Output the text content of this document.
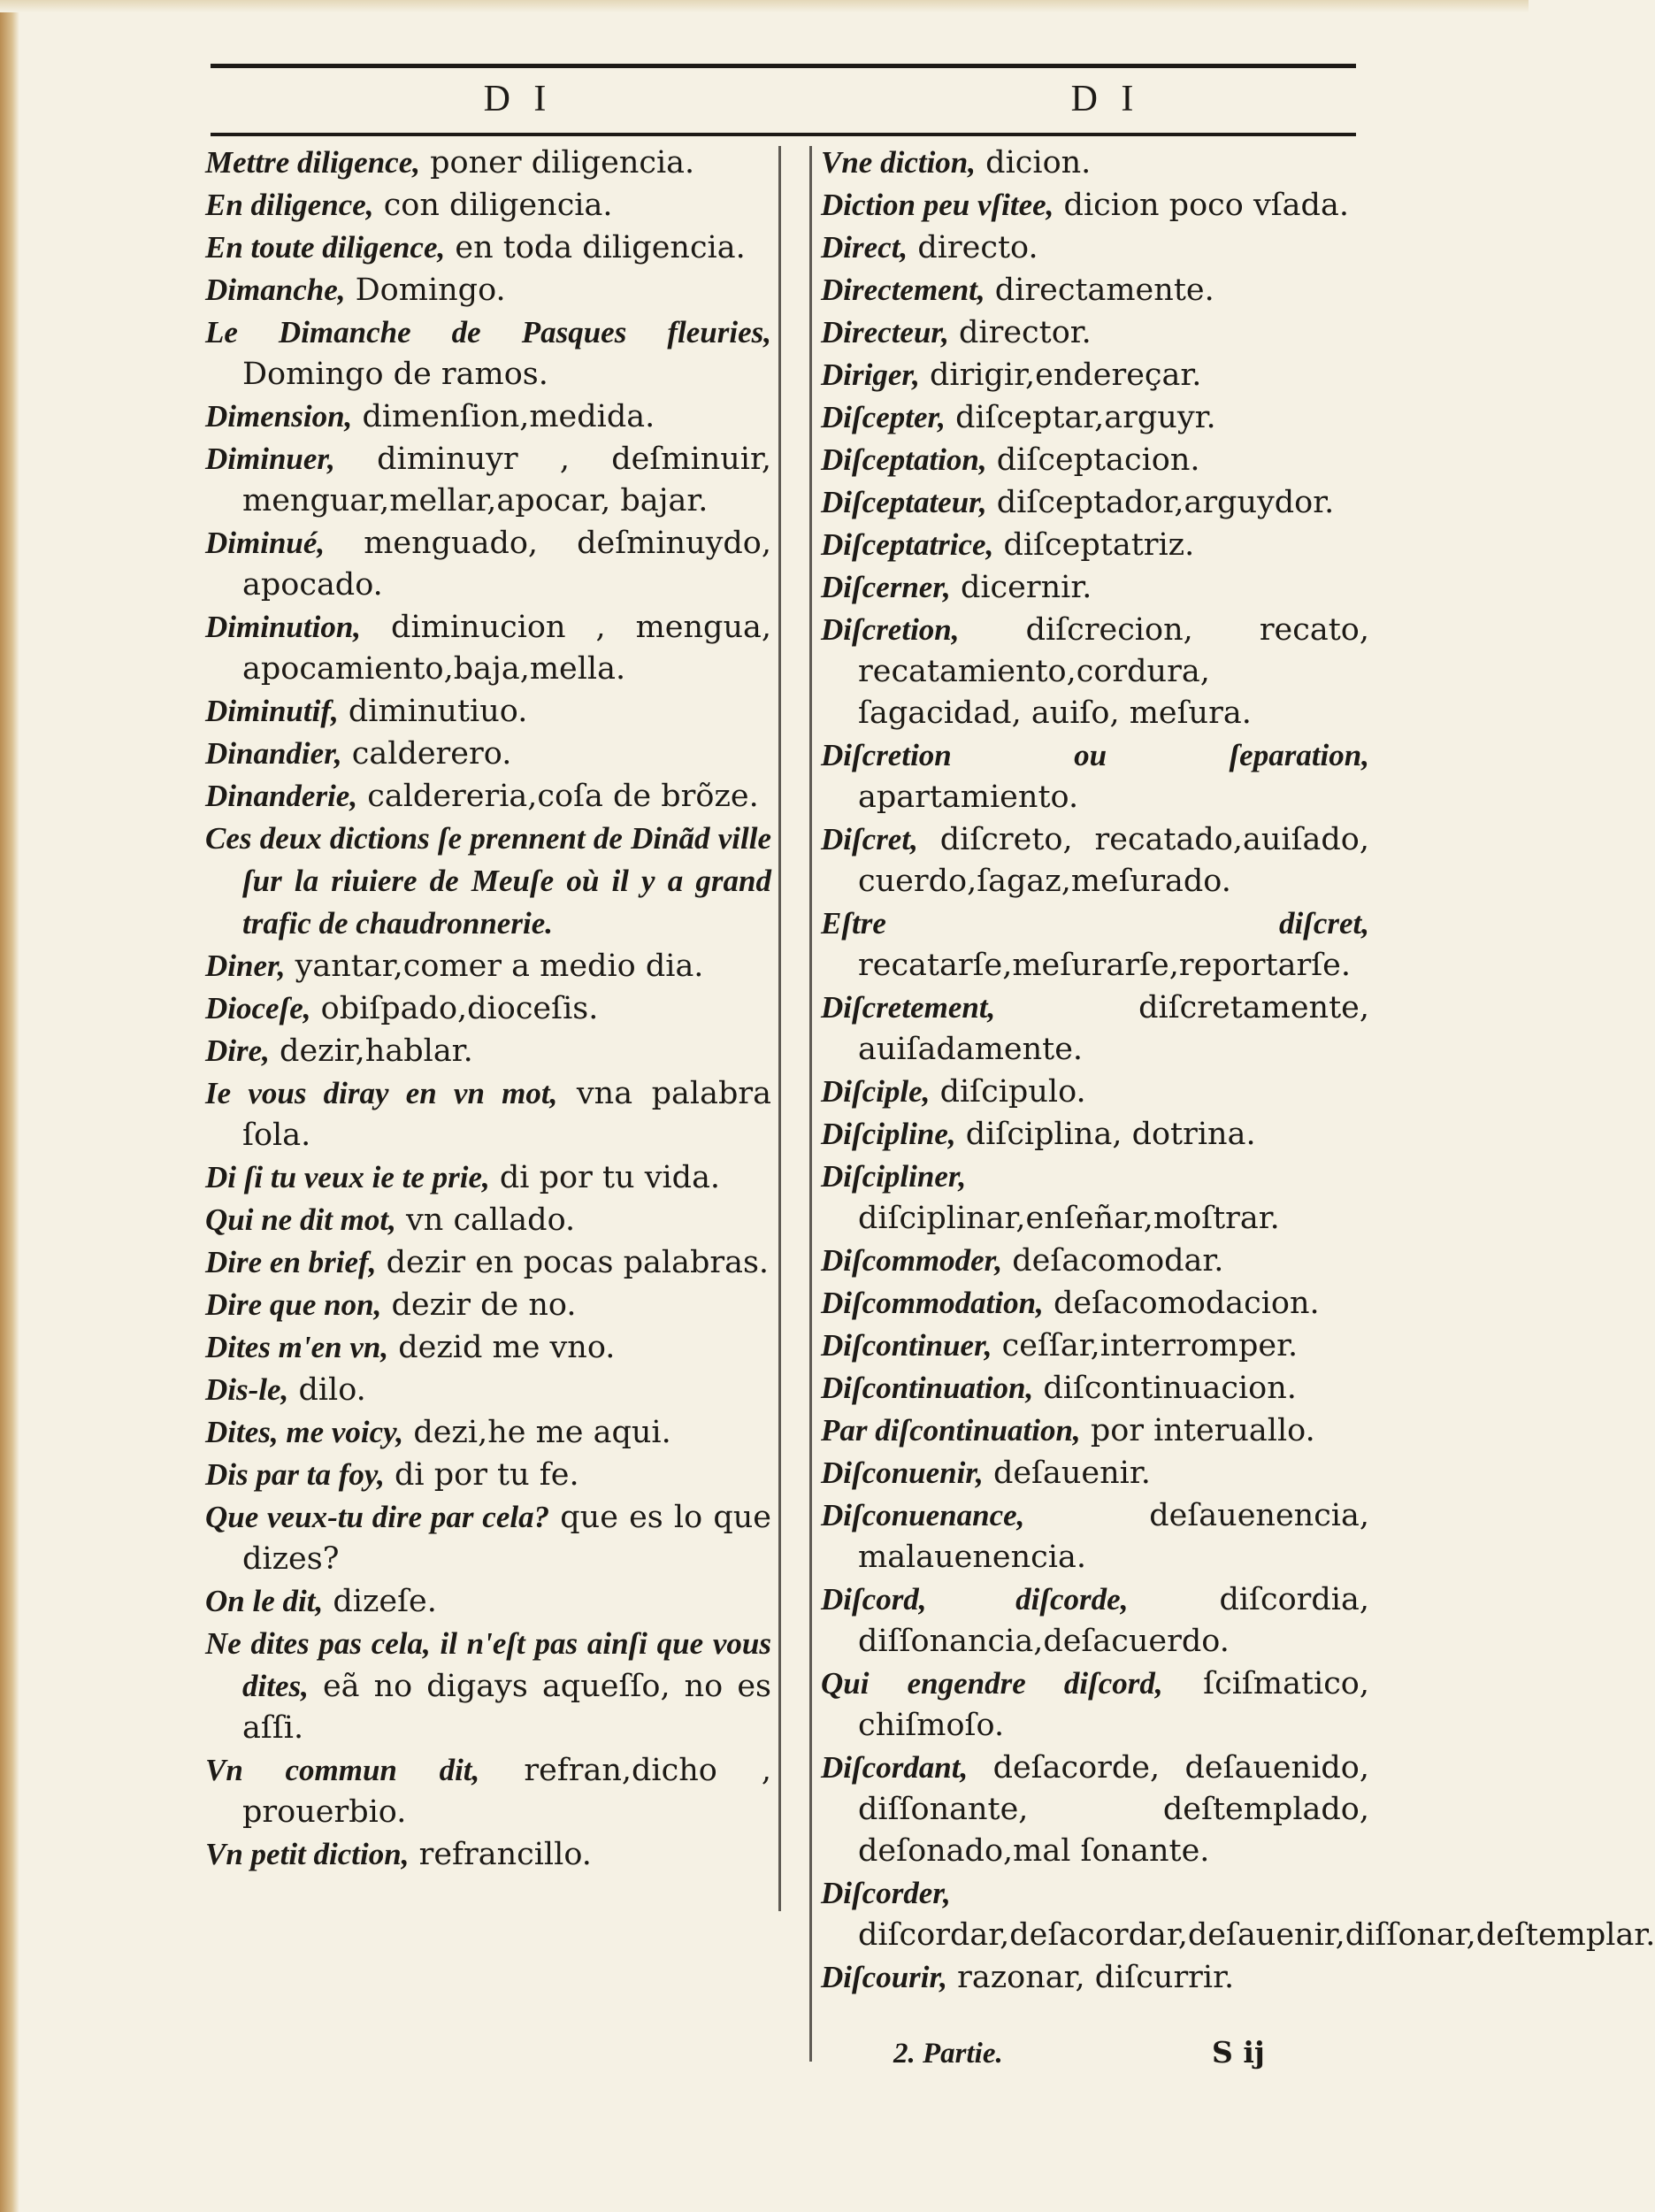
D I	D I

Mettre diligence, poner diligencia.

En diligence, con diligencia.

En toute diligence, en toda diligencia.

Dimanche, Domingo.

Le Dimanche de Pasques fleuries, Domingo de ramos.

Dimension, dimenſion,medida.

Diminuer, diminuyr , deſminuir, menguar,mellar,apocar, bajar.

Diminué, menguado, deſminuydo, apocado.

Diminution, diminucion , mengua, apocamiento,baja,mella.

Diminutif, diminutiuo.

Dinandier, calderero.

Dinanderie, caldereria,coſa de brõze.

Ces deux dictions ſe prennent de Dinãd ville ſur la riuiere de Meuſe où il y a grand trafic de chaudronnerie.

Diner, yantar,comer a medio dia.

Dioceſe, obiſpado,dioceſis.

Dire, dezir,hablar.

Ie vous diray en vn mot, vna palabra ſola.

Di ſi tu veux ie te prie, di por tu vida.

Qui ne dit mot, vn callado.

Dire en brief, dezir en pocas palabras.

Dire que non, dezir de no.

Dites m'en vn, dezid me vno.

Dis-le, dilo.

Dites, me voicy, dezi,he me aqui.

Dis par ta foy, di por tu fe.

Que veux-tu dire par cela? que es lo que dizes?

On le dit, dizeſe.

Ne dites pas cela, il n'eſt pas ainſi que vous dites, eã no digays aqueſſo, no es aſſi.

Vn commun dit, refran,dicho , prouerbio.

Vn petit diction, refrancillo.

Vne diction, dicion.

Diction peu vſitee, dicion poco vſada.

Direct, directo.

Directement, directamente.

Directeur, director.

Diriger, dirigir,endereçar.

Diſcepter, diſceptar,arguyr.

Diſceptation, diſceptacion.

Diſceptateur, diſceptador,arguydor.

Diſceptatrice, diſceptatriz.

Diſcerner, dicernir.

Diſcretion, diſcrecion, recato, recatamiento,cordura, ſagacidad, auiſo, meſura.

Diſcretion ou ſeparation, apartamiento.

Diſcret, diſcreto, recatado,auiſado, cuerdo,ſagaz,meſurado.

Eſtre diſcret, recatarſe,meſurarſe,reportarſe.

Diſcretement,	diſcretamente, auiſadamente.

Diſciple, diſcipulo.

Diſcipline, diſciplina, dotrina.

Diſcipliner, diſciplinar,enſeñar,moſtrar.

Diſcommoder, deſacomodar.

Diſcommodation, deſacomodacion.

Diſcontinuer, ceſſar,interromper.

Diſcontinuation, diſcontinuacion.

Par diſcontinuation, por interuallo.

Diſconuenir, deſauenir.

Diſconuenance,	deſauenencia, malauenencia.

Diſcord, diſcorde,	diſcordia, diſſonancia,deſacuerdo.

Qui engendre diſcord, ſciſmatico, chiſmoſo.

Diſcordant, deſacorde, deſauenido, diſſonante, deſtemplado, deſonado,mal ſonante.

Diſcorder, diſcordar,deſacordar,deſauenir,diſſonar,deſtemplar.

Diſcourir, razonar, diſcurrir.

2. Partie.	S ij
